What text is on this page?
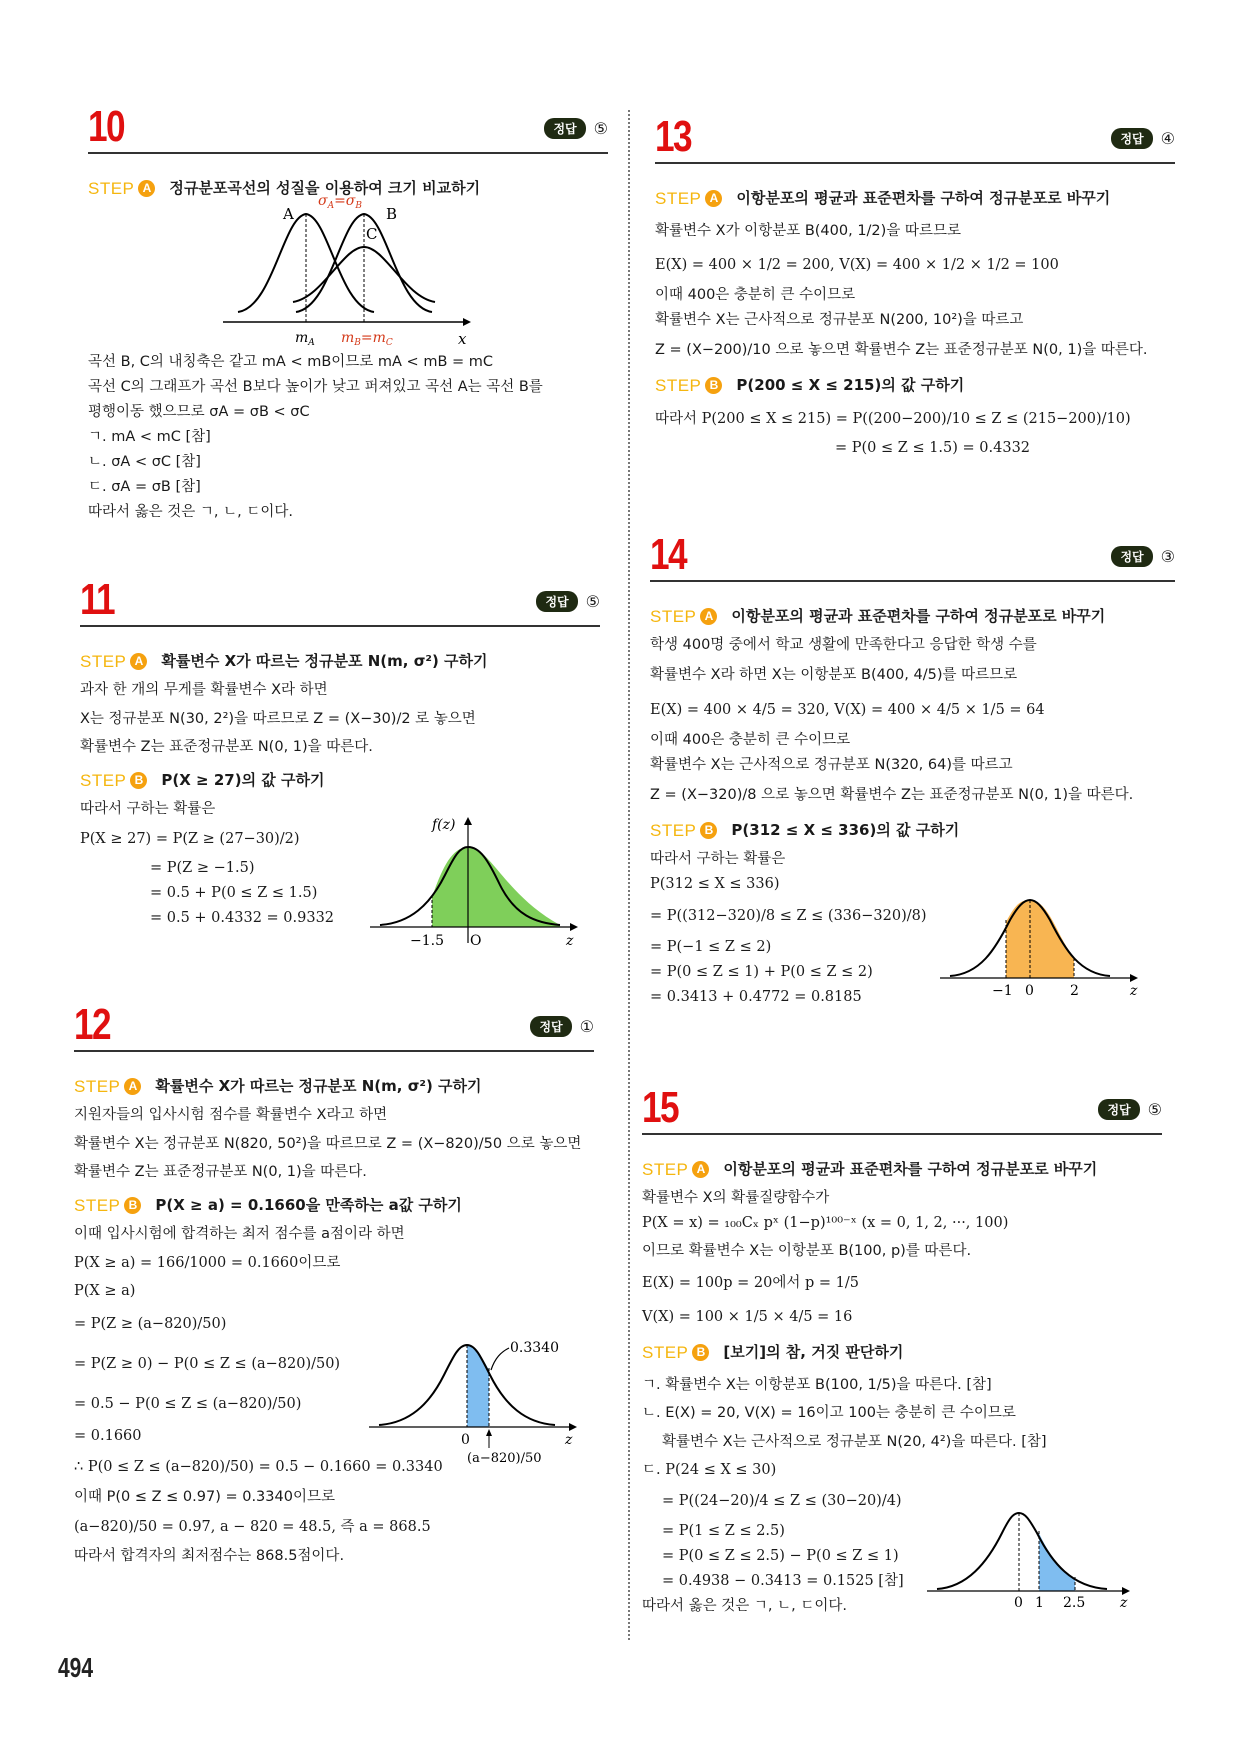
10	정답	⑤
STEP A 정규분포곡선의 성질을 이용하여 크기 비교하기
곡선 B, C의 내칭축은 같고 mA < mB이므로 mA < mB = mC
곡선 C의 그래프가 곡선 B보다 높이가 낮고 퍼져있고 곡선 A는 곡선 B를
평행이동 했으므로 σA = σB < σC
ㄱ. mA < mC [참]
ㄴ. σA < σC [참]
ㄷ. σA = σB [참]
따라서 옳은 것은 ㄱ, ㄴ, ㄷ이다.
A	B
C
$\sigma_A=\sigma_B$
$m_A$ $m_B=m_C$	x
11	정답	⑤
STEP A 확률변수 X가 따르는 정규분포 N(m, σ²) 구하기
과자 한 개의 무게를 확률변수 X라 하면
X는 정규분포 N(30, 2²)을 따르므로 Z = (X−30)/2 로 놓으면
확률변수 Z는 표준정규분포 N(0, 1)을 따른다.
STEP B P(X ≥ 27)의 값 구하기
따라서 구하는 확률은
P(X ≥ 27) = P(Z ≥ (27−30)/2)
= P(Z ≥ −1.5)
= 0.5 + P(0 ≤ Z ≤ 1.5)
= 0.5 + 0.4332 = 0.9332
f(z)
−1.5 O	z
12	정답	①
STEP A 확률변수 X가 따르는 정규분포 N(m, σ²) 구하기
지원자들의 입사시험 점수를 확률변수 X라고 하면
확률변수 X는 정규분포 N(820, 50²)을 따르므로 Z = (X−820)/50 으로 놓으면
확률변수 Z는 표준정규분포 N(0, 1)을 따른다.
STEP B P(X ≥ a) = 0.1660을 만족하는 a값 구하기
이때 입사시험에 합격하는 최저 점수를 a점이라 하면
P(X ≥ a) = 166/1000 = 0.1660이므로
P(X ≥ a)
= P(Z ≥ (a−820)/50)
= P(Z ≥ 0) − P(0 ≤ Z ≤ (a−820)/50)
= 0.5 − P(0 ≤ Z ≤ (a−820)/50)
= 0.1660
∴ P(0 ≤ Z ≤ (a−820)/50) = 0.5 − 0.1660 = 0.3340
이때 P(0 ≤ Z ≤ 0.97) = 0.3340이므로
(a−820)/50 = 0.97, a − 820 = 48.5, 즉 a = 868.5
따라서 합격자의 최저점수는 868.5점이다.
0.3340
0
(a−820)/50
z
13	정답	④
STEP A 이항분포의 평균과 표준편차를 구하여 정규분포로 바꾸기
확률변수 X가 이항분포 B(400, 1/2)을 따르므로
E(X) = 400 × 1/2 = 200, V(X) = 400 × 1/2 × 1/2 = 100
이때 400은 충분히 큰 수이므로
확률변수 X는 근사적으로 정규분포 N(200, 10²)을 따르고
Z = (X−200)/10 으로 놓으면 확률변수 Z는 표준정규분포 N(0, 1)을 따른다.
STEP B P(200 ≤ X ≤ 215)의 값 구하기
따라서 P(200 ≤ X ≤ 215) = P((200−200)/10 ≤ Z ≤ (215−200)/10)
= P(0 ≤ Z ≤ 1.5) = 0.4332
14	정답	③
STEP A 이항분포의 평균과 표준편차를 구하여 정규분포로 바꾸기
학생 400명 중에서 학교 생활에 만족한다고 응답한 학생 수를
확률변수 X라 하면 X는 이항분포 B(400, 4/5)를 따르므로
E(X) = 400 × 4/5 = 320, V(X) = 400 × 4/5 × 1/5 = 64
이때 400은 충분히 큰 수이므로
확률변수 X는 근사적으로 정규분포 N(320, 64)를 따르고
Z = (X−320)/8 으로 놓으면 확률변수 Z는 표준정규분포 N(0, 1)을 따른다.
STEP B P(312 ≤ X ≤ 336)의 값 구하기
따라서 구하는 확률은
P(312 ≤ X ≤ 336)
= P((312−320)/8 ≤ Z ≤ (336−320)/8)
= P(−1 ≤ Z ≤ 2)
= P(0 ≤ Z ≤ 1) + P(0 ≤ Z ≤ 2)
= 0.3413 + 0.4772 = 0.8185	−1 0	2	z
15	정답	⑤
STEP A 이항분포의 평균과 표준편차를 구하여 정규분포로 바꾸기
확률변수 X의 확률질량함수가
P(X = x) = ₁₀₀Cₓ pˣ (1−p)¹⁰⁰⁻ˣ (x = 0, 1, 2, ···, 100)
이므로 확률변수 X는 이항분포 B(100, p)를 따른다.
E(X) = 100p = 20에서 p = 1/5
V(X) = 100 × 1/5 × 4/5 = 16
STEP B [보기]의 참, 거짓 판단하기
ㄱ. 확률변수 X는 이항분포 B(100, 1/5)을 따른다. [참]
ㄴ. E(X) = 20, V(X) = 16이고 100는 충분히 큰 수이므로
확률변수 X는 근사적으로 정규분포 N(20, 4²)을 따른다. [참]
ㄷ. P(24 ≤ X ≤ 30)
= P((24−20)/4 ≤ Z ≤ (30−20)/4)
= P(1 ≤ Z ≤ 2.5)
= P(0 ≤ Z ≤ 2.5) − P(0 ≤ Z ≤ 1)
= 0.4938 − 0.3413 = 0.1525 [참]
따라서 옳은 것은 ㄱ, ㄴ, ㄷ이다.	0 1 2.5 z
494
